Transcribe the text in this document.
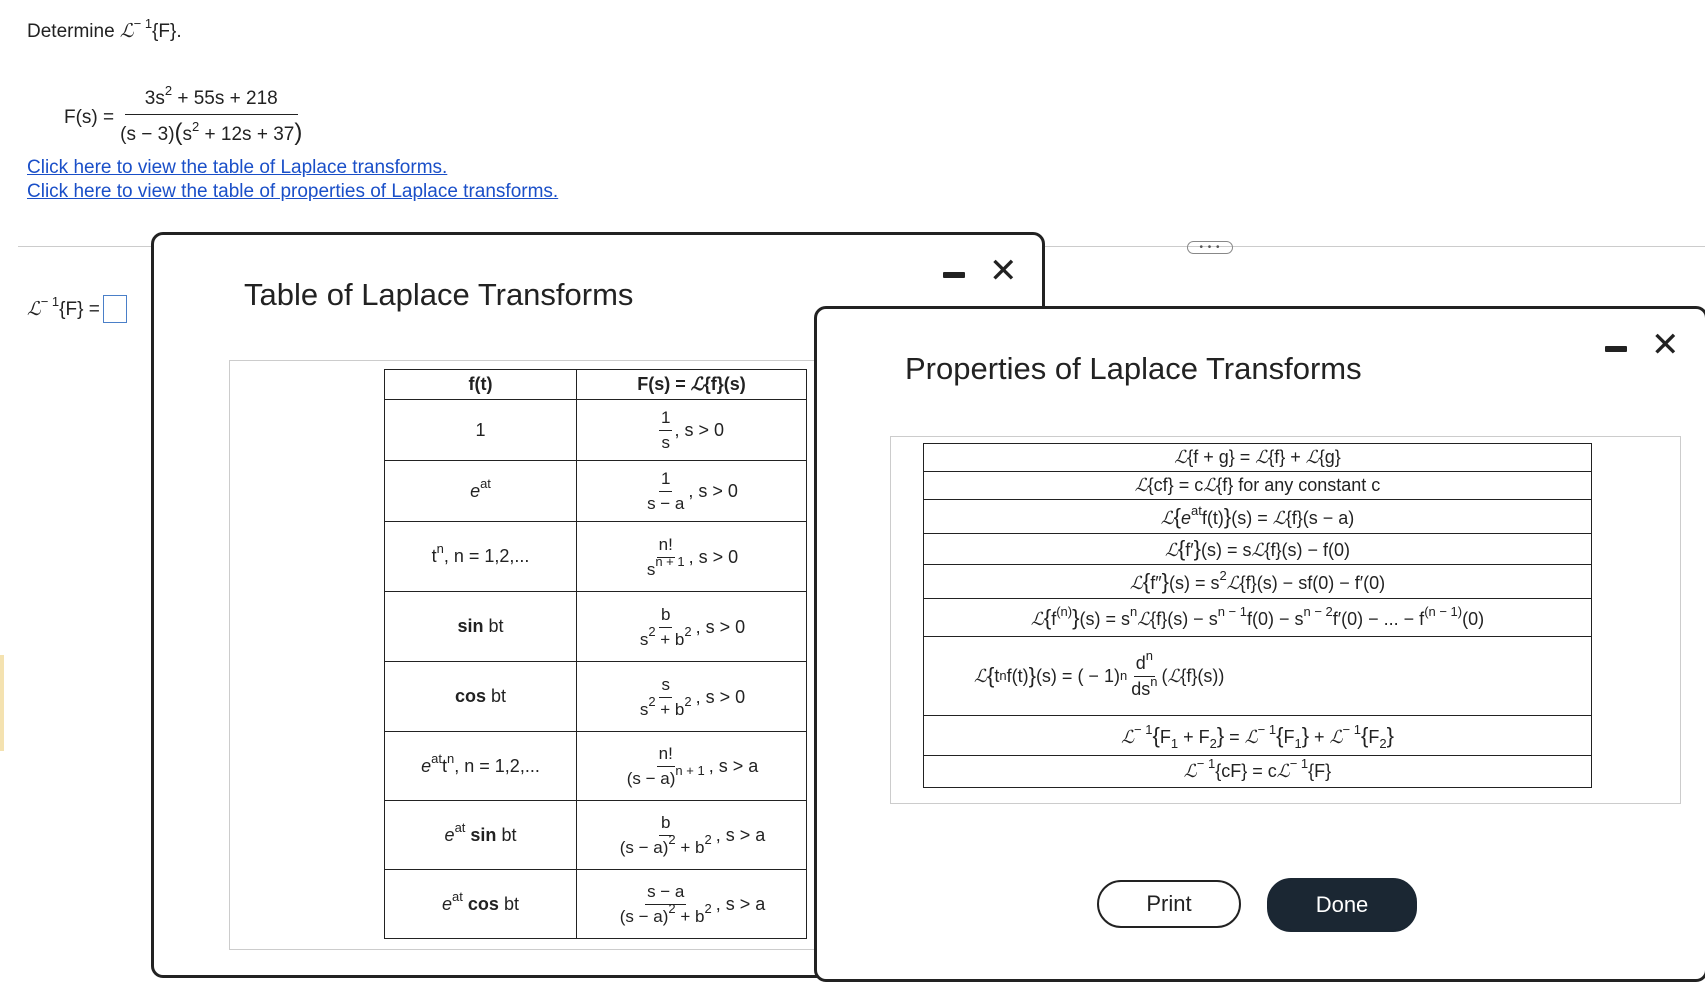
Determine ℒ$^{- 1}${F}.
$F(s) = \frac{3s^2 + 55s + 218}{(s - 3)(s^2 + 12s + 37)}$
Click here to view the table of Laplace transforms.
Click here to view the table of properties of Laplace transforms.
• • •
ℒ$^{- 1}${F} =
✕
Table of Laplace Transforms
f(t)	F(s) = ℒ{f}(s)
1	$\frac{1}{s}$ , s > 0

$e^{at}$	$\frac{1}{s - a}$ , s > 0

$t^n$, n = 1,2,...	$\frac{n!}{s^{n + 1}}$ , s > 0

sin bt	$\frac{b}{s^2 + b^2}$ , s > 0

cos bt	$\frac{s}{s^2 + b^2}$ , s > 0

$e^{at}t^n$, n = 1,2,...	$\frac{n!}{(s - a)^{n + 1}}$ , s > a

$e^{at}$ sin bt	$\frac{b}{(s - a)^2 + b^2}$ , s > a

$e^{at}$ cos bt	$\frac{s - a}{(s - a)^2 + b^2}$ , s > a
✕
Properties of Laplace Transforms
ℒ{f + g} = ℒ{f} + ℒ{g}
ℒ{cf} = cℒ{f} for any constant c
$ℒ\{e^{at}f(t)\}(s)$ = ℒ{f}(s − a)
ℒ{f′}(s) = sℒ{f}(s) − f(0)
ℒ{f″}(s) = $s^2ℒ\{f\}(s) - sf(0) - f'(0)$
$ℒ\{f^{(n)}\}(s)$ = $s^nℒ\{f\}(s) - s^{n - 1}f(0) - s^{n - 2}f'(0)$ − ... − $f^{(n - 1)}(0)$

ℒ { t n f(t) } (s) = ( − 1) n $\frac{d^n}{ds^n}$ ( ℒ {f}(s))
$ℒ^{- 1}\{F_1 + F_2\}$ = $ℒ^{- 1}\{F_1\}$ + $ℒ^{- 1}\{F_2\}$
ℒ$^{- 1}${cF} = cℒ$^{- 1}${F}
Print	Done
